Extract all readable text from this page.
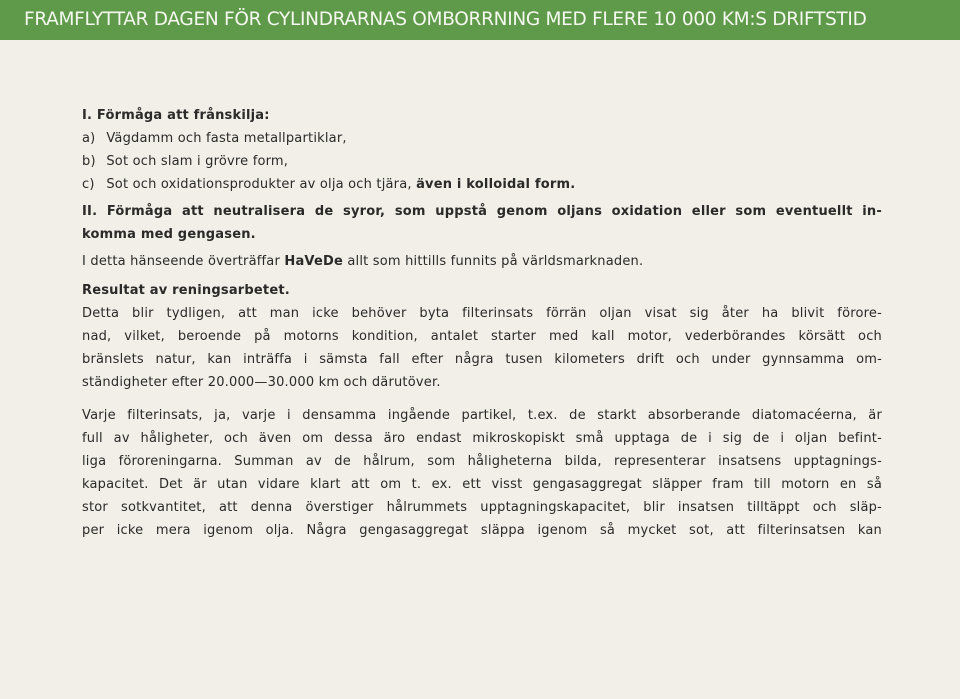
FRAMFLYTTAR DAGEN FÖR CYLINDRARNAS OMBORRNING MED FLERE 10 000 KM:S DRIFTSTID
I. Förmåga att frånskilja:
a) Vägdamm och fasta metallpartiklar,
b) Sot och slam i grövre form,
c) Sot och oxidationsprodukter av olja och tjära, även i kolloidal form.
II. Förmåga att neutralisera de syror, som uppstå genom oljans oxidation eller som eventuellt in-
komma med gengasen.
I detta hänseende överträffar HaVeDe allt som hittills funnits på världsmarknaden.
Resultat av reningsarbetet.
Detta blir tydligen, att man icke behöver byta filterinsats förrän oljan visat sig åter ha blivit förore-
nad, vilket, beroende på motorns kondition, antalet starter med kall motor, vederbörandes körsätt och
bränslets natur, kan inträffa i sämsta fall efter några tusen kilometers drift och under gynnsamma om-
ständigheter efter 20.000—30.000 km och därutöver.
Varje filterinsats, ja, varje i densamma ingående partikel, t.ex. de starkt absorberande diatomacéerna, är
full av håligheter, och även om dessa äro endast mikroskopiskt små upptaga de i sig de i oljan befint-
liga föroreningarna. Summan av de hålrum, som håligheterna bilda, representerar insatsens upptagnings-
kapacitet. Det är utan vidare klart att om t. ex. ett visst gengasaggregat släpper fram till motorn en så
stor sotkvantitet, att denna överstiger hålrummets upptagningskapacitet, blir insatsen tilltäppt och släp-
per icke mera igenom olja. Några gengasaggregat släppa igenom så mycket sot, att filterinsatsen kan
